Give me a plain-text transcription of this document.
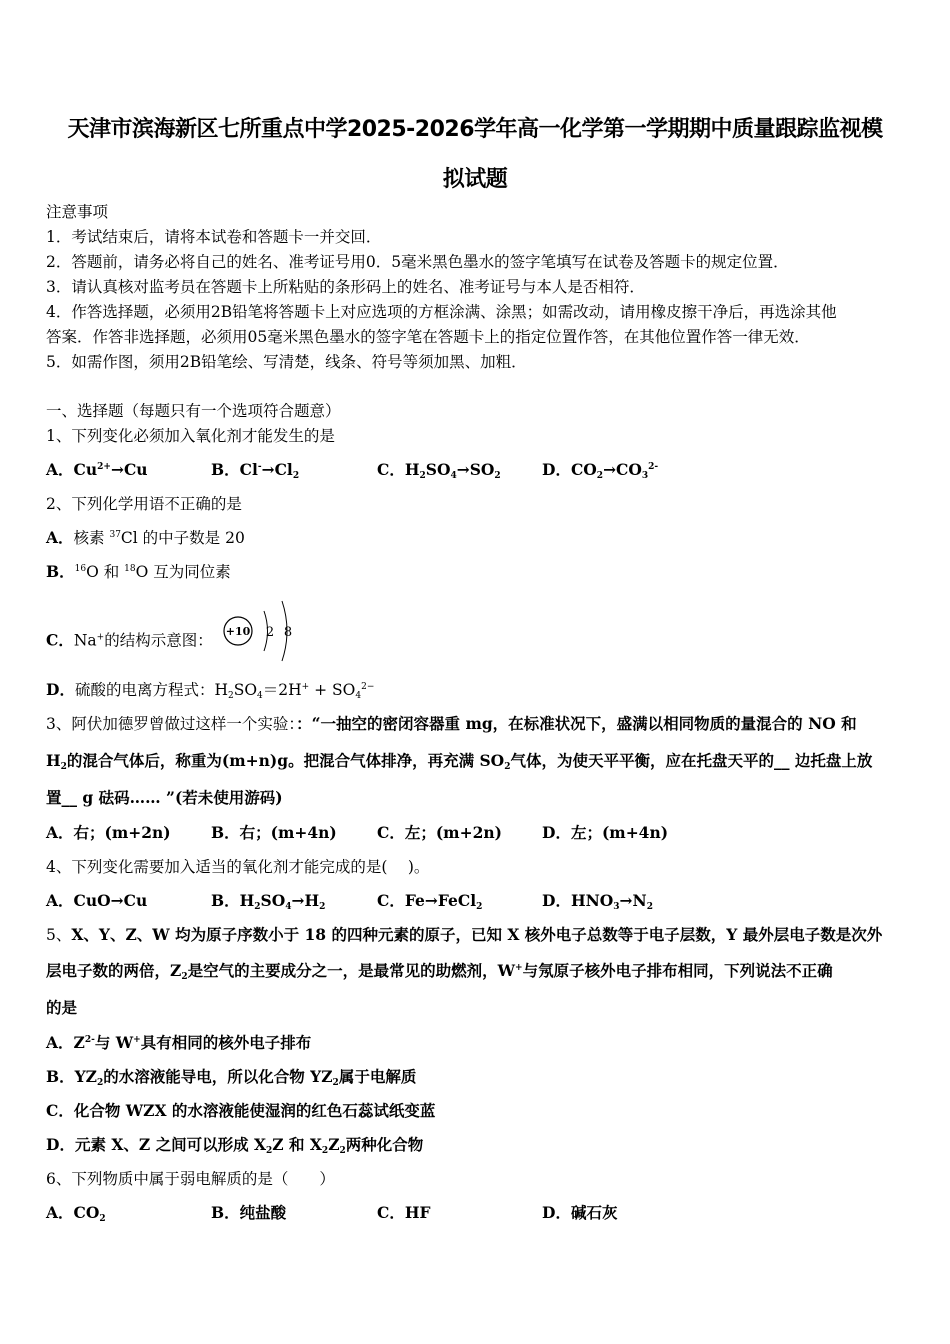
天津市滨海新区七所重点中学2025-2026学年高一化学第一学期期中质量跟踪监视模
拟试题
注意事项
1．考试结束后，请将本试卷和答题卡一并交回．
2．答题前，请务必将自己的姓名、准考证号用0．5毫米黑色墨水的签字笔填写在试卷及答题卡的规定位置．
3．请认真核对监考员在答题卡上所粘贴的条形码上的姓名、准考证号与本人是否相符．
4．作答选择题，必须用2B铅笔将答题卡上对应选项的方框涂满、涂黑；如需改动，请用橡皮擦干净后，再选涂其他
答案．作答非选择题，必须用05毫米黑色墨水的签字笔在答题卡上的指定位置作答，在其他位置作答一律无效．
5．如需作图，须用2B铅笔绘、写清楚，线条、符号等须加黑、加粗．
一、选择题（每题只有一个选项符合题意）
1、下列变化必须加入氧化剂才能发生的是
A．$Cu^{2+}\to Cu$	B．$Cl^-\to Cl_2$	C．$H_2SO_4\to SO_2$	D．$CO_2\to CO_3^{2-}$
2、下列化学用语不正确的是
A．核素 $^{37}$Cl 的中子数是 20
B．$^{16}$O 和 $^{18}$O 互为同位素
C．Na+的结构示意图： +10 2 8
D．硫酸的电离方程式：$H_2SO_4=2H^+ + SO_4^{2-}$
3、阿伏加德罗曾做过这样一个实验：：“一抽空的密闭容器重 mg，在标准状况下，盛满以相同物质的量混合的 NO 和
$H_2$的混合气体后，称重为(m+n)g。把混合气体排净，再充满 $SO_2$气体，为使天平平衡，应在托盘天平的__ 边托盘上放
置__ g 砝码…… ”(若未使用游码)
A．右；(m+2n)	B．右；(m+4n)	C．左；(m+2n)	D．左；(m+4n)
4、下列变化需要加入适当的氧化剂才能完成的是(　 )。
A．CuO→Cu	B．$H_2SO_4\to H_2$	C．Fe→FeCl$_2$	D．$HNO_3\to N_2$
5、X、Y、Z、W 均为原子序数小于 18 的四种元素的原子，已知 X 核外电子总数等于电子层数，Y 最外层电子数是次外
层电子数的两倍，$Z_2$是空气的主要成分之一，是最常见的助燃剂，W+与氖原子核外电子排布相同，下列说法不正确
的是
A．$Z^{2-}$与 W+具有相同的核外电子排布
B．$YZ_2$的水溶液能导电，所以化合物 $YZ_2$属于电解质
C．化合物 WZX 的水溶液能使湿润的红色石蕊试纸变蓝
D．元素 X、Z 之间可以形成 $X_2Z$ 和 $X_2Z_2$两种化合物
6、下列物质中属于弱电解质的是（　　）
A．$CO_2$	B．纯盐酸	C．HF	D．碱石灰
